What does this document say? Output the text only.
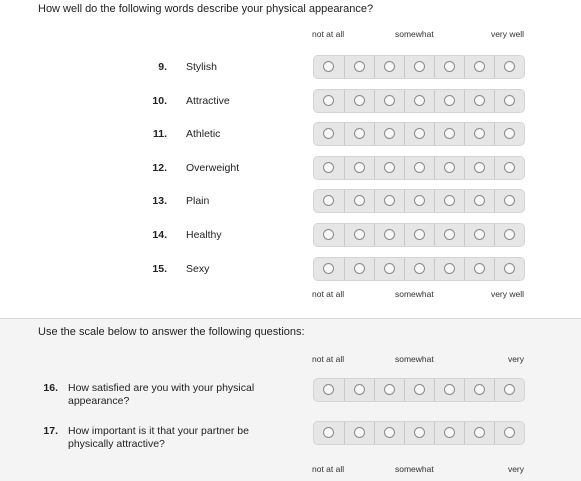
How well do the following words describe your physical appearance?
not at all	somewhat	very well
9. Stylish
10. Attractive
11. Athletic
12. Overweight
13. Plain
14. Healthy
15. Sexy
not at all	somewhat	very well
Use the scale below to answer the following questions:
not at all	somewhat	very
16. How satisfied are you with your physical appearance?
17. How important is it that your partner be physically attractive?
not at all	somewhat	very
